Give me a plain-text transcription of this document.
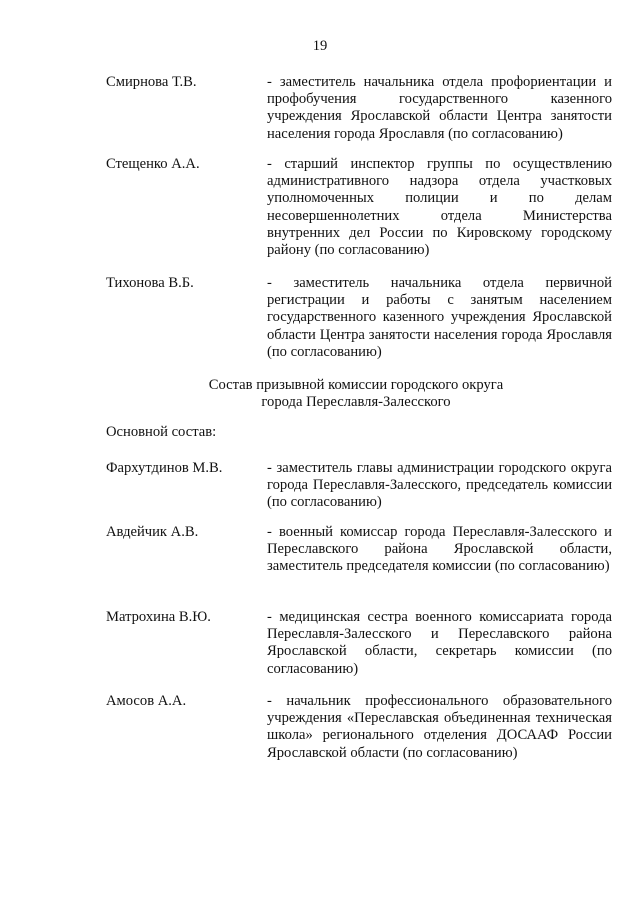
19
Смирнова Т.В.	- заместитель начальника отдела профориентации и профобучения государственного казенного учреждения Ярославской области Центра занятости населения города Ярославля (по согласованию)
Стещенко А.А.	- старший инспектор группы по осуществлению административного надзора отдела участковых уполномоченных полиции и по делам несовершеннолетних отдела Министерства внутренних дел России по Кировскому городскому району (по согласованию)
Тихонова В.Б.	- заместитель начальника отдела первичной регистрации и работы с занятым населением государственного казенного учреждения Ярославской области Центра занятости населения города Ярославля (по согласованию)
Состав призывной комиссии городского округа
города Переславля-Залесского
Основной состав:
Фархутдинов М.В.	- заместитель главы администрации городского округа города Переславля-Залесского, председатель комиссии (по согласованию)
Авдейчик А.В.	- военный комиссар города Переславля-Залесского и Переславского района Ярославской области, заместитель председателя комиссии (по согласованию)
Матрохина В.Ю.	- медицинская сестра военного комиссариата города Переславля-Залесского и Переславского района Ярославской области, секретарь комиссии (по согласованию)
Амосов А.А.	- начальник профессионального образовательного учреждения «Переславская объединенная техническая школа» регионального отделения ДОСААФ России Ярославской области (по согласованию)
